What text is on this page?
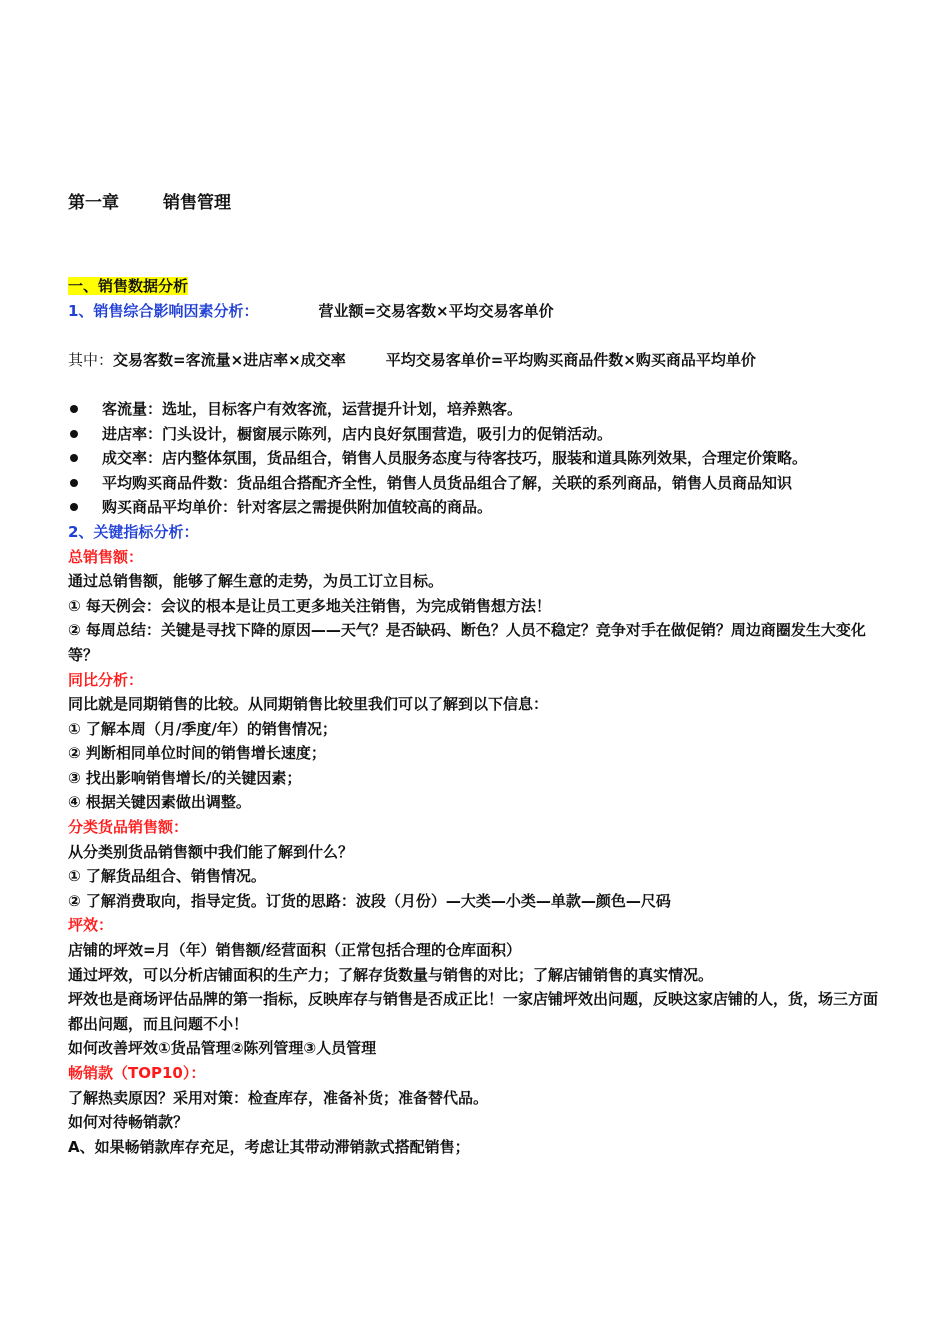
第一章	销售管理

一、销售数据分析

1、销售综合影响因素分析：	营业额=交易客数×平均交易客单价

其中：交易客数=客流量×进店率×成交率	平均交易客单价=平均购买商品件数×购买商品平均单价

客流量：选址，目标客户有效客流，运营提升计划，培养熟客。
进店率：门头设计，橱窗展示陈列，店内良好氛围营造，吸引力的促销活动。
成交率：店内整体氛围，货品组合，销售人员服务态度与待客技巧，服装和道具陈列效果，合理定价策略。
平均购买商品件数：货品组合搭配齐全性，销售人员货品组合了解，关联的系列商品，销售人员商品知识
购买商品平均单价：针对客层之需提供附加值较高的商品。

2、关键指标分析：

总销售额：

通过总销售额，能够了解生意的走势，为员工订立目标。

① 每天例会：会议的根本是让员工更多地关注销售，为完成销售想方法！

② 每周总结：关键是寻找下降的原因——天气？是否缺码、断色？人员不稳定？竞争对手在做促销？周边商圈发生大变化等？

同比分析：

同比就是同期销售的比较。从同期销售比较里我们可以了解到以下信息：

① 了解本周（月/季度/年）的销售情况；

② 判断相同单位时间的销售增长速度；

③ 找出影响销售增长/的关键因素；

④ 根据关键因素做出调整。

分类货品销售额：

从分类别货品销售额中我们能了解到什么？

① 了解货品组合、销售情况。

② 了解消费取向，指导定货。订货的思路：波段（月份）—大类—小类—单款—颜色—尺码

坪效：

店铺的坪效=月（年）销售额/经营面积（正常包括合理的仓库面积）

通过坪效，可以分析店铺面积的生产力；了解存货数量与销售的对比；了解店铺销售的真实情况。

坪效也是商场评估品牌的第一指标，反映库存与销售是否成正比！一家店铺坪效出问题，反映这家店铺的人，货，场三方面都出问题，而且问题不小！

如何改善坪效①货品管理②陈列管理③人员管理

畅销款（TOP10）：

了解热卖原因？采用对策：检查库存，准备补货；准备替代品。

如何对待畅销款？

A、如果畅销款库存充足，考虑让其带动滞销款式搭配销售；
